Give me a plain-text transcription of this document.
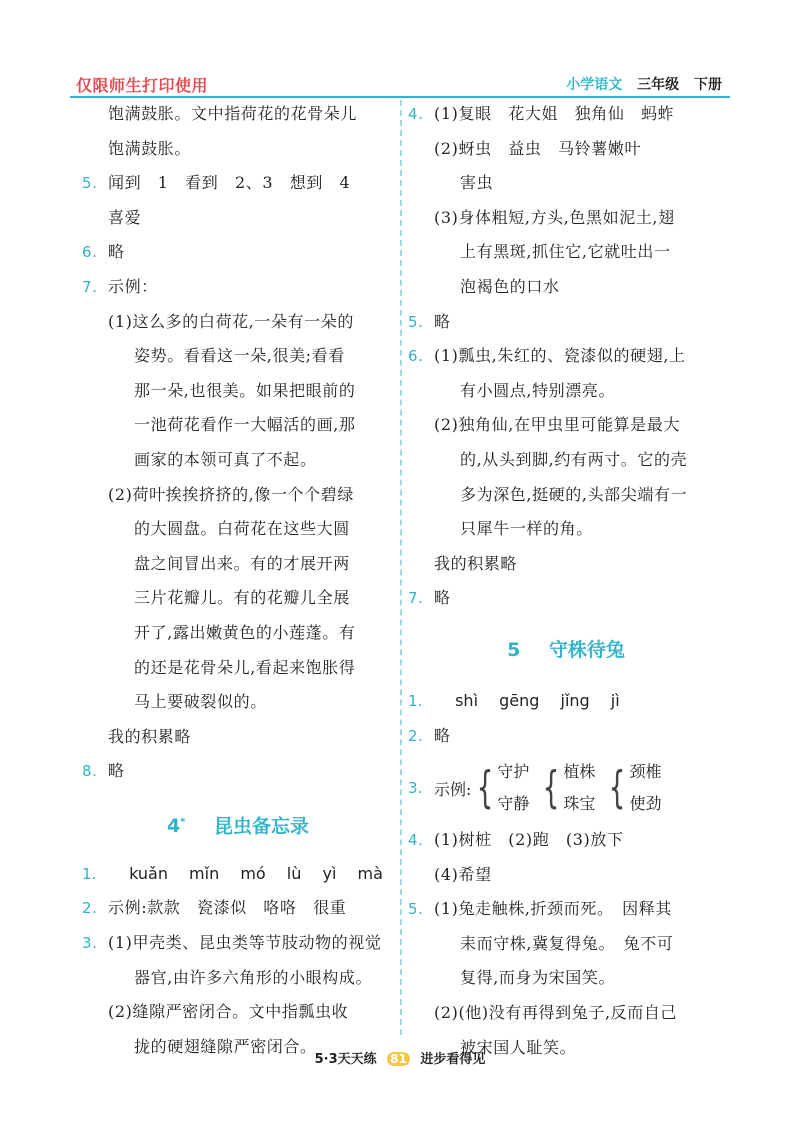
仅限师生打印使用	小学语文 三年级 下册
饱满鼓胀。文中指荷花的花骨朵儿
饱满鼓胀。
5. 闻到　1　看到　2、3　想到　4
喜爱
6. 略
7. 示例：
(1)这么多的白荷花,一朵有一朵的
姿势。看看这一朵,很美;看看
那一朵,也很美。如果把眼前的
一池荷花看作一大幅活的画,那
画家的本领可真了不起。
(2)荷叶挨挨挤挤的,像一个个碧绿
的大圆盘。白荷花在这些大圆
盘之间冒出来。有的才展开两
三片花瓣儿。有的花瓣儿全展
开了,露出嫩黄色的小莲蓬。有
的还是花骨朵儿,看起来饱胀得
马上要破裂似的。
我的积累略
8. 略
4* 昆虫备忘录
1. kuǎn mǐn mó lù yì mà
2. 示例:款款　瓷漆似　咯咯　很重
3. (1)甲壳类、昆虫类等节肢动物的视觉
器官,由许多六角形的小眼构成。
(2)缝隙严密闭合。文中指瓢虫收
拢的硬翅缝隙严密闭合。
4. (1)复眼　花大姐　独角仙　蚂蚱
(2)蚜虫　益虫　马铃薯嫩叶
害虫
(3)身体粗短,方头,色黑如泥土,翅
上有黑斑,抓住它,它就吐出一
泡褐色的口水
5. 略
6. (1)瓢虫,朱红的、瓷漆似的硬翅,上
有小圆点,特别漂亮。
(2)独角仙,在甲虫里可能算是最大
的,从头到脚,约有两寸。它的壳
多为深色,挺硬的,头部尖端有一
只犀牛一样的角。
我的积累略
7. 略
5 守株待兔
1. shì gēng jǐng jì
2. 略
3. 示例: { 守护
守静 { 植株
珠宝 { 颈椎
使劲
4. (1)树桩　(2)跑　(3)放下
(4)希望
5. (1)兔走触株,折颈而死。　因释其
耒而守株,冀复得兔。　兔不可
复得,而身为宋国笑。
(2)(他)没有再得到兔子,反而自己
被宋国人耻笑。
5·3天天练 81 进步看得见
